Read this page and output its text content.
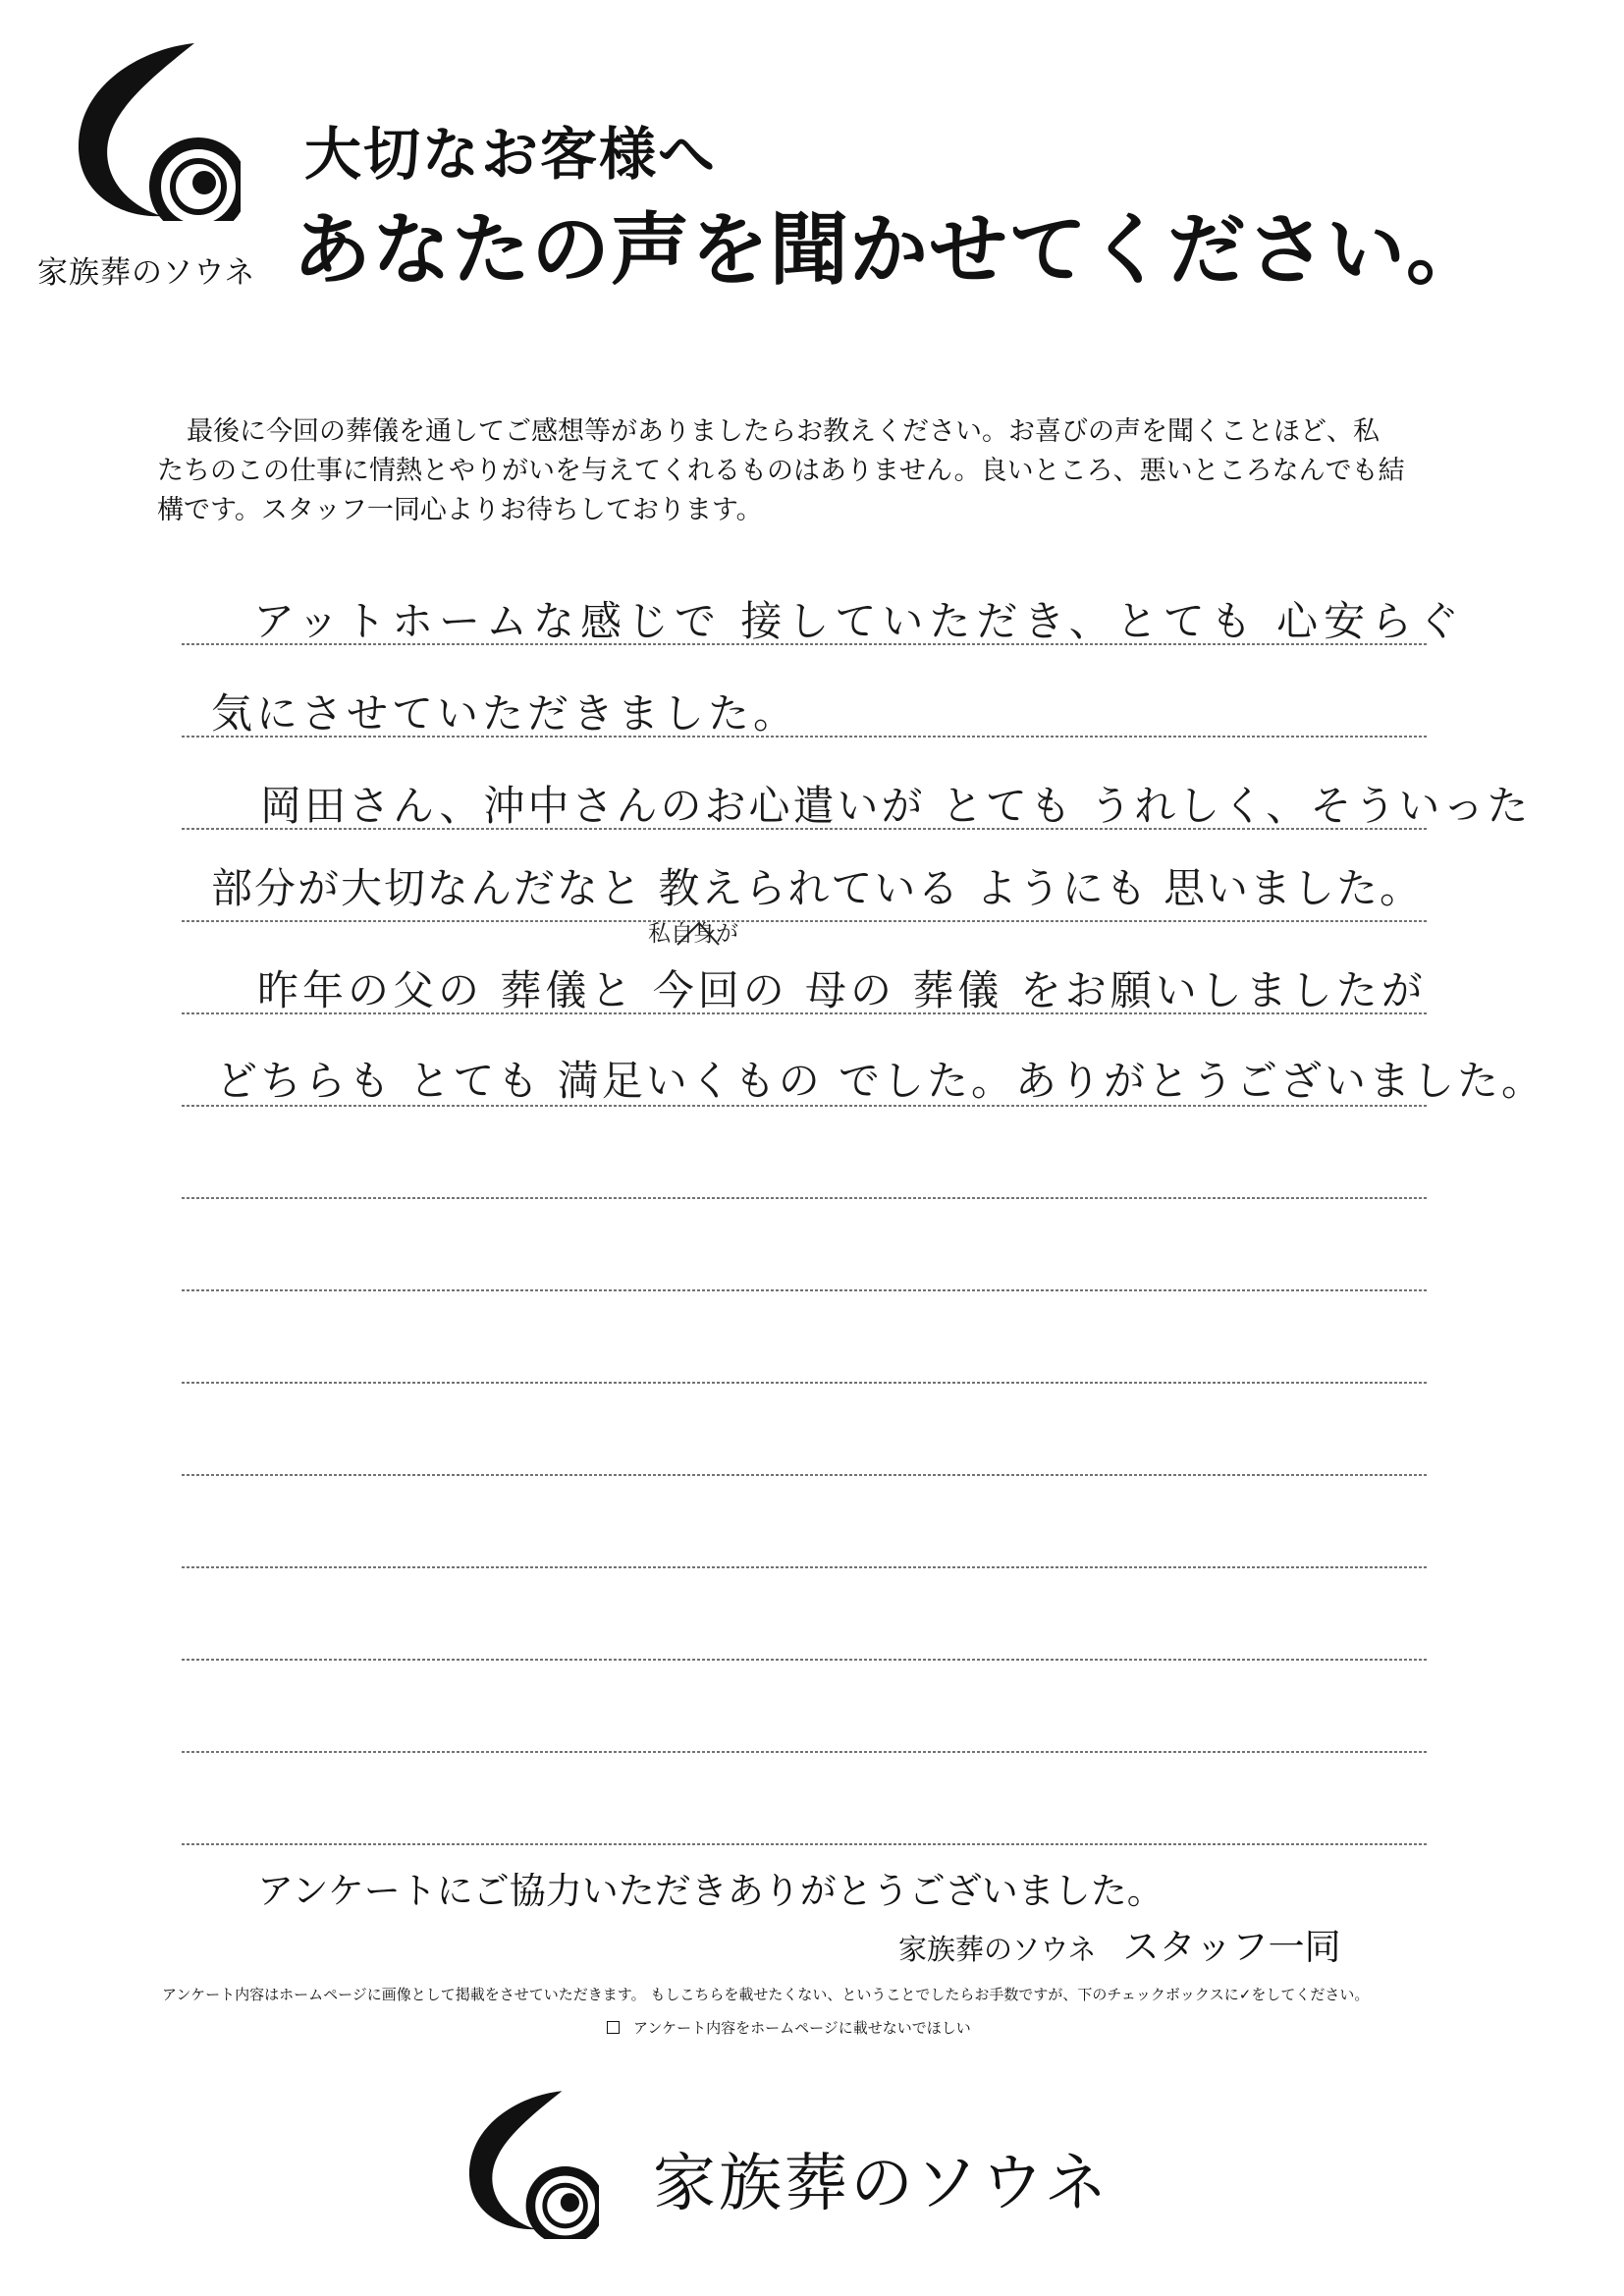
家族葬のソウネ
大切なお客様へ
あなたの声を聞かせてください。

最後に今回の葬儀を通してご感想等がありましたらお教えください。お喜びの声を聞くことほど、私

たちのこの仕事に情熱とやりがいを与えてくれるものはありません。良いところ、悪いところなんでも結

構です。スタッフ一同心よりお待ちしております。

アットホームな感じで 接していただき、とても 心安らぐ
気にさせていただきました。
岡田さん、沖中さんのお心遣いが とても うれしく、そういった
部分が大切なんだなと 教えられている ようにも 思いました。
私自身が
昨年の父の 葬儀と 今回の 母の 葬儀 をお願いしましたが
どちらも とても 満足いくもの でした。ありがとうございました。
アンケートにご協力いただきありがとうございました。
家族葬のソウネ スタッフ一同
アンケート内容はホームページに画像として掲載をさせていただきます。 もしこちらを載せたくない、ということでしたらお手数ですが、下のチェックボックスに✓をしてください。
アンケート内容をホームページに載せないでほしい
家族葬のソウネ
